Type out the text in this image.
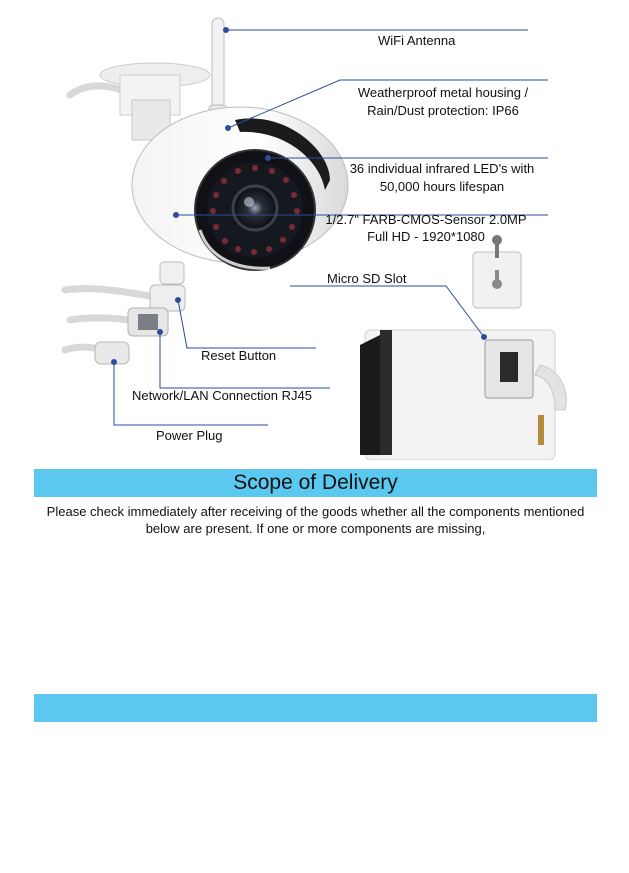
WiFi Antenna
Weatherproof metal housing /
Rain/Dust protection: IP66
36 individual infrared LED's with
50,000 hours lifespan
1/2.7" FARB-CMOS-Sensor 2.0MP
Full HD - 1920*1080
Micro SD Slot
Reset Button
Network/LAN Connection RJ45
Power Plug
Scope of Delivery
Please check immediately after receiving of the goods whether all the components mentioned below are present. If one or more components are missing,
